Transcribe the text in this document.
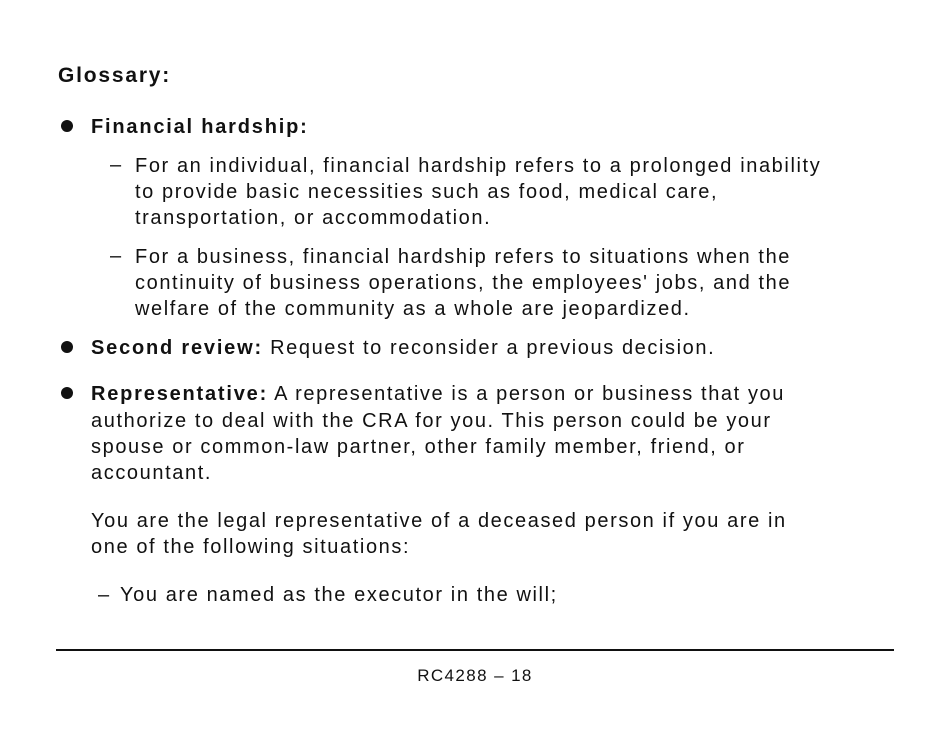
Glossary:
Financial hardship:
– For an individual, financial hardship refers to a prolonged inability
to provide basic necessities such as food, medical care,
transportation, or accommodation.
– For a business, financial hardship refers to situations when the
continuity of business operations, the employees' jobs, and the
welfare of the community as a whole are jeopardized.
Second review: Request to reconsider a previous decision.
Representative: A representative is a person or business that you
authorize to deal with the CRA for you. This person could be your
spouse or common-law partner, other family member, friend, or
accountant.
You are the legal representative of a deceased person if you are in
one of the following situations:
– You are named as the executor in the will;
RC4288 – 18
